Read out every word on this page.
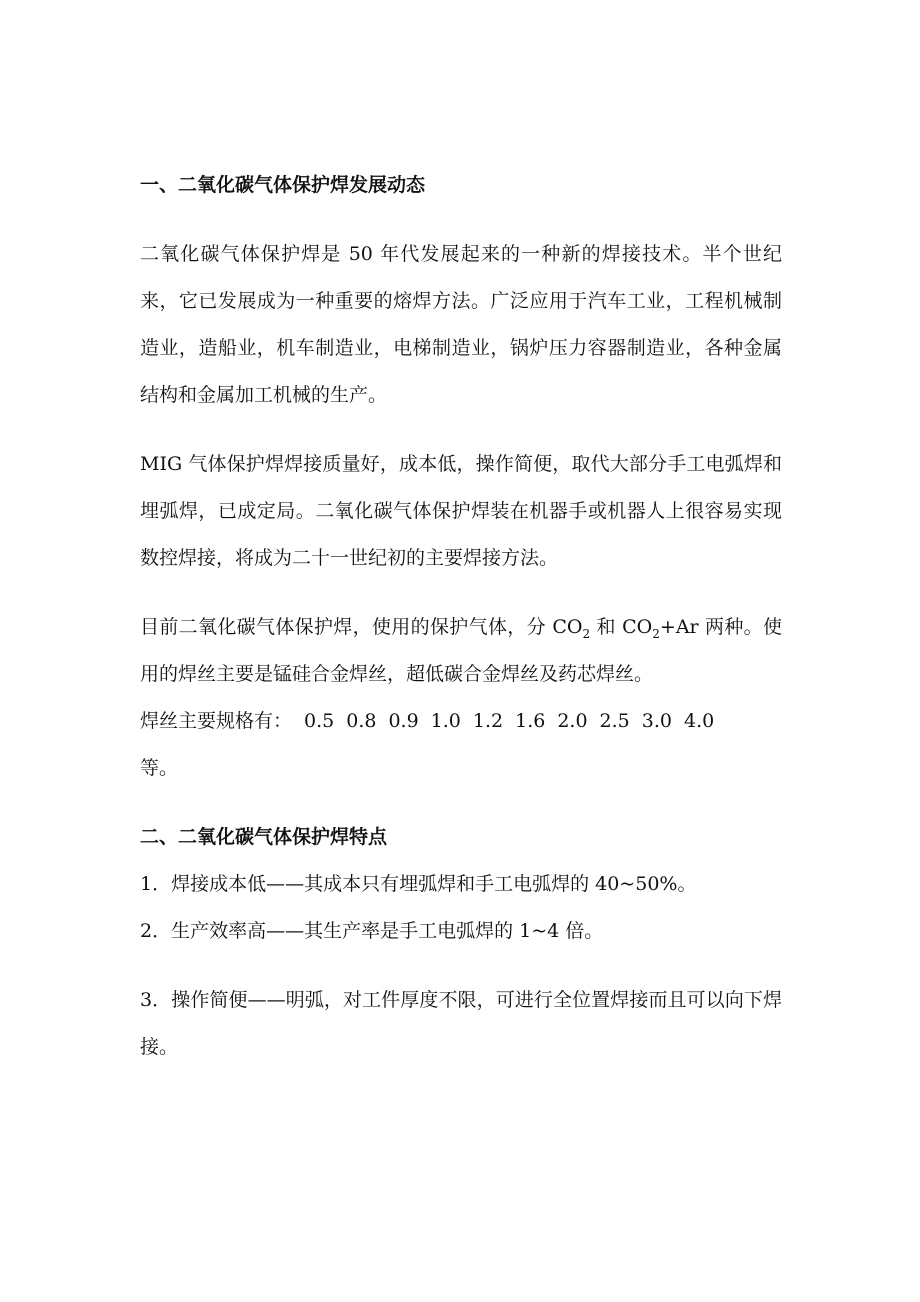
一、二氧化碳气体保护焊发展动态

二氧化碳气体保护焊是 50 年代发展起来的一种新的焊接技术。半个世纪来，它已发展成为一种重要的熔焊方法。广泛应用于汽车工业，工程机械制造业，造船业，机车制造业，电梯制造业，锅炉压力容器制造业，各种金属结构和金属加工机械的生产。

MIG 气体保护焊焊接质量好，成本低，操作简便，取代大部分手工电弧焊和埋弧焊，已成定局。二氧化碳气体保护焊装在机器手或机器人上很容易实现数控焊接，将成为二十一世纪初的主要焊接方法。

目前二氧化碳气体保护焊，使用的保护气体，分 $CO_2$ 和 $CO_2+Ar$ 两种。使用的焊丝主要是锰硅合金焊丝，超低碳合金焊丝及药芯焊丝。

焊丝主要规格有： 0.5 0.8 0.9 1.0 1.2 1.6 2.0 2.5 3.0 4.0

等。

二、二氧化碳气体保护焊特点

1．焊接成本低——其成本只有埋弧焊和手工电弧焊的 40~50%。

2．生产效率高——其生产率是手工电弧焊的 1~4 倍。

3．操作简便——明弧，对工件厚度不限，可进行全位置焊接而且可以向下焊接。
